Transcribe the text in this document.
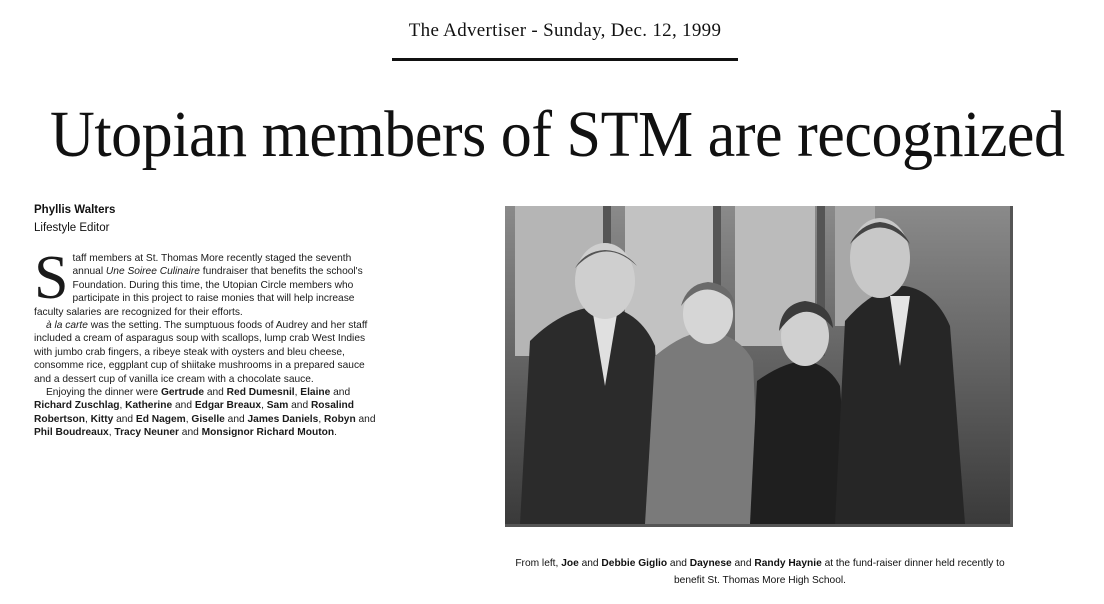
The Advertiser - Sunday, Dec. 12, 1999
Utopian members of STM are recognized
Phyllis Walters
Lifestyle Editor

Staff members at St. Thomas More recently staged the seventh annual Une Soiree Culinaire fundraiser that benefits the school's Foundation. During this time, the Utopian Circle members who participate in this project to raise monies that will help increase faculty salaries are recognized for their efforts.

à la carte was the setting. The sumptuous foods of Audrey and her staff included a cream of asparagus soup with scallops, lump crab West Indies with jumbo crab fingers, a ribeye steak with oysters and bleu cheese, consomme rice, eggplant cup of shiitake mushrooms in a prepared sauce and a dessert cup of vanilla ice cream with a chocolate sauce.

Enjoying the dinner were Gertrude and Red Dumesnil, Elaine and Richard Zuschlag, Katherine and Edgar Breaux, Sam and Rosalind Robertson, Kitty and Ed Nagem, Giselle and James Daniels, Robyn and Phil Boudreaux, Tracy Neuner and Monsignor Richard Mouton.

From left, Joe and Debbie Giglio and Daynese and Randy Haynie at the fund-raiser dinner held recently to benefit St. Thomas More High School.
